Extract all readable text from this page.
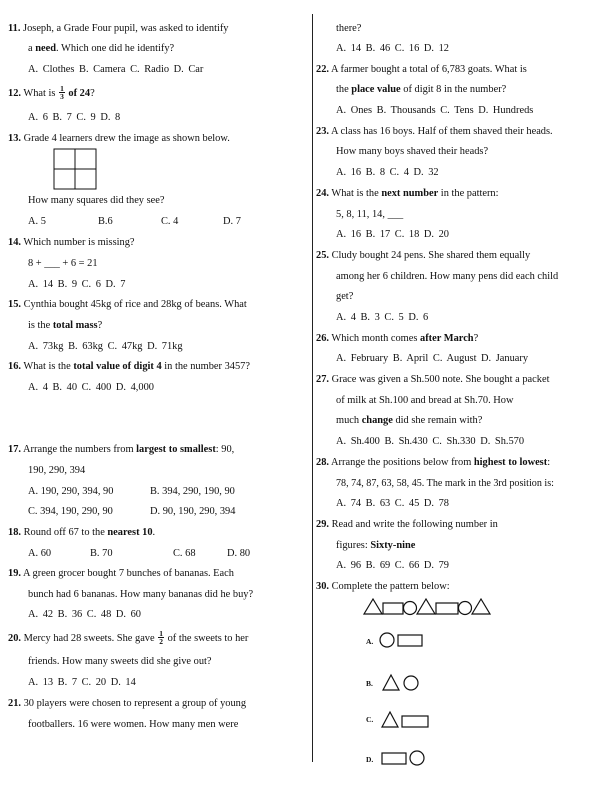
11. Joseph, a Grade Four pupil, was asked to identify
a need. Which one did he identify?
A. Clothes B. Camera C. Radio D. Car
12. What is $\frac{1}{3}$ of 24?
A. 6 B. 7 C. 9 D. 8
13. Grade 4 learners drew the image as shown below.
How many squares did they see?
A. 5	B.6	C. 4	D. 7
14. Which number is missing?
8 + ___ + 6 = 21
A. 14 B. 9 C. 6 D. 7
15. Cynthia bought 45kg of rice and 28kg of beans. What
is the total mass?
A. 73kg B. 63kg C. 47kg D. 71kg
16. What is the total value of digit 4 in the number 3457?
A. 4 B. 40 C. 400 D. 4,000
17. Arrange the numbers from largest to smallest: 90,
190, 290, 394
A. 190, 290, 394, 90	B. 394, 290, 190, 90
C. 394, 190, 290, 90	D. 90, 190, 290, 394
18. Round off 67 to the nearest 10.
A. 60	B. 70	C. 68	D. 80
19. A green grocer bought 7 bunches of bananas. Each
bunch had 6 bananas. How many bananas did he buy?
A. 42 B. 36 C. 48 D. 60
20. Mercy had 28 sweets. She gave $\frac{1}{2}$ of the sweets to her
friends. How many sweets did she give out?
A. 13 B. 7 C. 20 D. 14
21. 30 players were chosen to represent a group of young
footballers. 16 were women. How many men were
there?
A. 14 B. 46 C. 16 D. 12
22. A farmer bought a total of 6,783 goats. What is
the place value of digit 8 in the number?
A. Ones B. Thousands C. Tens D. Hundreds
23. A class has 16 boys. Half of them shaved their heads.
How many boys shaved their heads?
A. 16 B. 8 C. 4 D. 32
24. What is the next number in the pattern:
5, 8, 11, 14, ___
A. 16 B. 17 C. 18 D. 20
25. Cludy bought 24 pens. She shared them equally
among her 6 children. How many pens did each child
get?
A. 4 B. 3 C. 5 D. 6
26. Which month comes after March?
A. February B. April C. August D. January
27. Grace was given a Sh.500 note. She bought a packet
of milk at Sh.100 and bread at Sh.70. How
much change did she remain with?
A. Sh.400 B. Sh.430 C. Sh.330 D. Sh.570
28. Arrange the positions below from highest to lowest:
78, 74, 87, 63, 58, 45. The mark in the 3rd position is:
A. 74 B. 63 C. 45 D. 78
29. Read and write the following number in
figures: Sixty-nine
A. 96 B. 69 C. 66 D. 79
30. Complete the pattern below:
A.
B.
C.
D.
